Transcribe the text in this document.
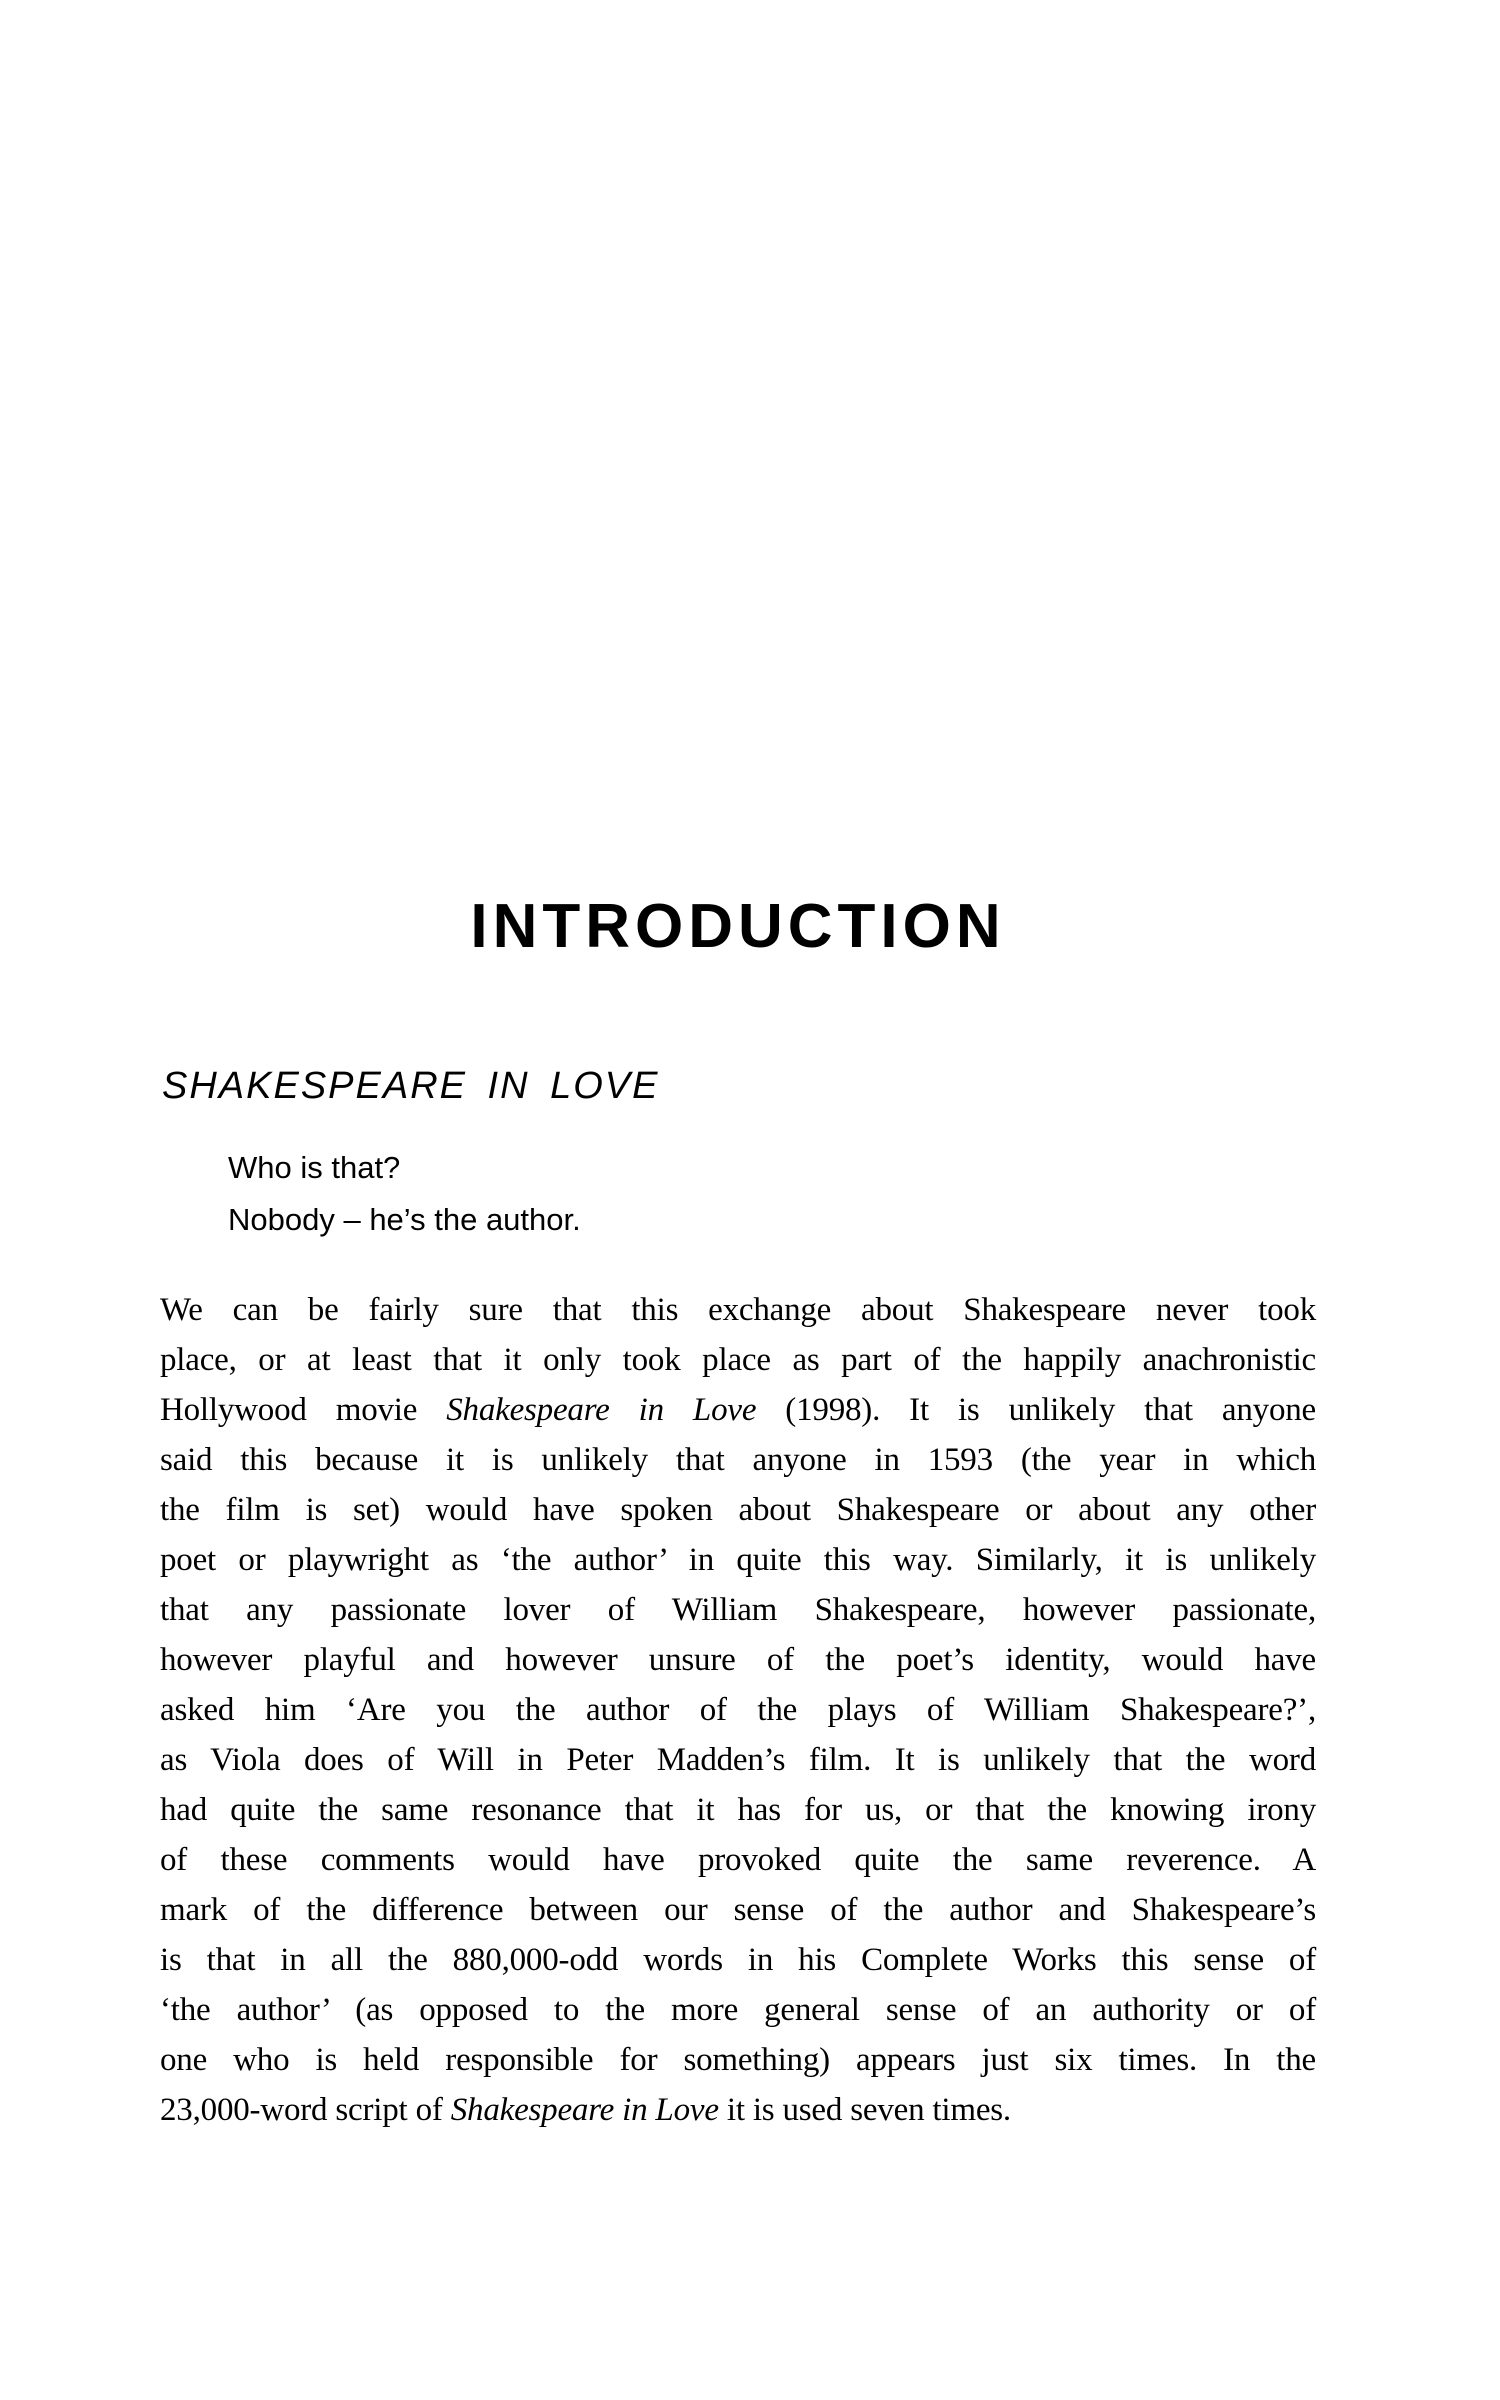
INTRODUCTION
SHAKESPEARE IN LOVE
Who is that?
Nobody – he’s the author.
We can be fairly sure that this exchange about Shakespeare never took
place, or at least that it only took place as part of the happily anachronistic
Hollywood movie Shakespeare in Love (1998). It is unlikely that anyone
said this because it is unlikely that anyone in 1593 (the year in which
the film is set) would have spoken about Shakespeare or about any other
poet or playwright as ‘the author’ in quite this way. Similarly, it is unlikely
that any passionate lover of William Shakespeare, however passionate,
however playful and however unsure of the poet’s identity, would have
asked him ‘Are you the author of the plays of William Shakespeare?’,
as Viola does of Will in Peter Madden’s film. It is unlikely that the word
had quite the same resonance that it has for us, or that the knowing irony
of these comments would have provoked quite the same reverence. A
mark of the difference between our sense of the author and Shakespeare’s
is that in all the 880,000-odd words in his Complete Works this sense of
‘the author’ (as opposed to the more general sense of an authority or of
one who is held responsible for something) appears just six times. In the
23,000-word script of Shakespeare in Love it is used seven times.
